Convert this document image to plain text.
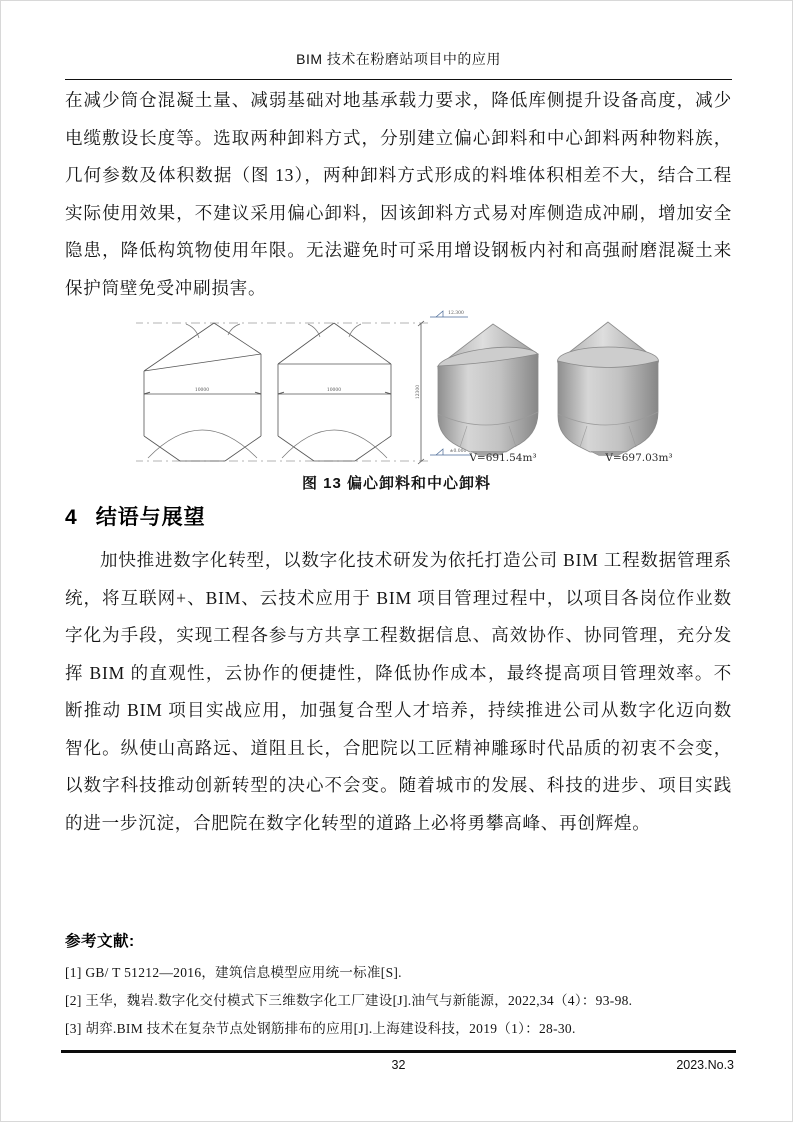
BIM 技术在粉磨站项目中的应用
在减少筒仓混凝土量、减弱基础对地基承载力要求，降低库侧提升设备高度，减少电缆敷设长度等。选取两种卸料方式，分别建立偏心卸料和中心卸料两种物料族，几何参数及体积数据（图 13），两种卸料方式形成的料堆体积相差不大，结合工程实际使用效果，不建议采用偏心卸料，因该卸料方式易对库侧造成冲刷，增加安全隐患，降低构筑物使用年限。无法避免时可采用增设钢板内衬和高强耐磨混凝土来保护筒壁免受冲刷损害。
10000	10000	12300
12.300
±0.000
V=691.54m³	V=697.03m³
图 13 偏心卸料和中心卸料
4 结语与展望
加快推进数字化转型，以数字化技术研发为依托打造公司 BIM 工程数据管理系统，将互联网+、BIM、云技术应用于 BIM 项目管理过程中，以项目各岗位作业数字化为手段，实现工程各参与方共享工程数据信息、高效协作、协同管理，充分发挥 BIM 的直观性，云协作的便捷性，降低协作成本，最终提高项目管理效率。不断推动 BIM 项目实战应用，加强复合型人才培养，持续推进公司从数字化迈向数智化。纵使山高路远、道阻且长，合肥院以工匠精神雕琢时代品质的初衷不会变，以数字科技推动创新转型的决心不会变。随着城市的发展、科技的进步、项目实践的进一步沉淀，合肥院在数字化转型的道路上必将勇攀高峰、再创辉煌。

参考文献:

[1] GB/ T 51212—2016，建筑信息模型应用统一标准[S].
[2] 王华，魏岩.数字化交付模式下三维数字化工厂建设[J].油气与新能源，2022,34（4）：93-98.
[3] 胡弈.BIM 技术在复杂节点处钢筋排布的应用[J].上海建设科技，2019（1）：28-30.
32	2023.No.3
